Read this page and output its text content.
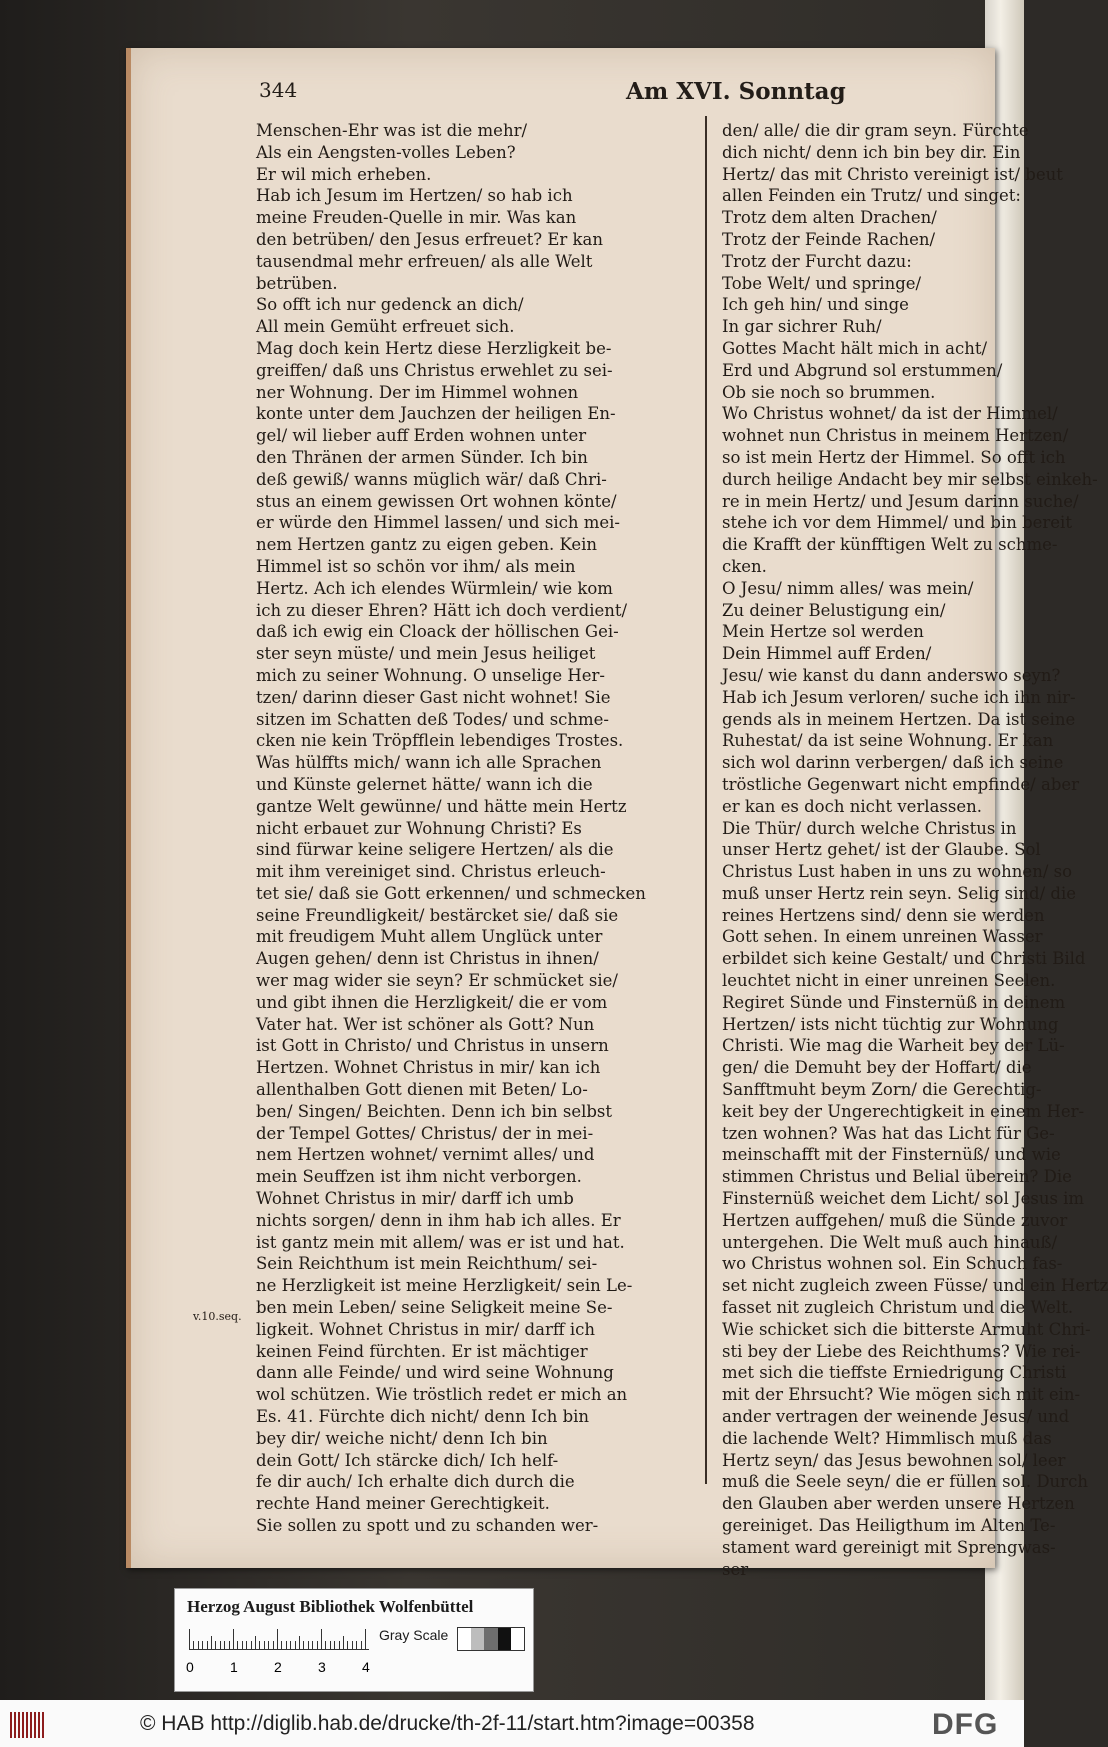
344	Am XVI. Sonntag

Menschen-Ehr was ist die mehr/

Als ein Aengsten-volles Leben?

Er wil mich erheben.

Hab ich Jesum im Hertzen/ so hab ich

meine Freuden-Quelle in mir. Was kan

den betrüben/ den Jesus erfreuet? Er kan

tausendmal mehr erfreuen/ als alle Welt

betrüben.

So offt ich nur gedenck an dich/

All mein Gemüht erfreuet sich.

Mag doch kein Hertz diese Herzligkeit be-

greiffen/ daß uns Christus erwehlet zu sei-

ner Wohnung. Der im Himmel wohnen

konte unter dem Jauchzen der heiligen En-

gel/ wil lieber auff Erden wohnen unter

den Thränen der armen Sünder. Ich bin

deß gewiß/ wanns müglich wär/ daß Chri-

stus an einem gewissen Ort wohnen könte/

er würde den Himmel lassen/ und sich mei-

nem Hertzen gantz zu eigen geben. Kein

Himmel ist so schön vor ihm/ als mein

Hertz. Ach ich elendes Würmlein/ wie kom

ich zu dieser Ehren? Hätt ich doch verdient/

daß ich ewig ein Cloack der höllischen Gei-

ster seyn müste/ und mein Jesus heiliget

mich zu seiner Wohnung. O unselige Her-

tzen/ darinn dieser Gast nicht wohnet! Sie

sitzen im Schatten deß Todes/ und schme-

cken nie kein Tröpfflein lebendiges Trostes.

Was hülffts mich/ wann ich alle Sprachen

und Künste gelernet hätte/ wann ich die

gantze Welt gewünne/ und hätte mein Hertz

nicht erbauet zur Wohnung Christi? Es

sind fürwar keine seligere Hertzen/ als die

mit ihm vereiniget sind. Christus erleuch-

tet sie/ daß sie Gott erkennen/ und schmecken

seine Freundligkeit/ bestärcket sie/ daß sie

mit freudigem Muht allem Unglück unter

Augen gehen/ denn ist Christus in ihnen/

wer mag wider sie seyn? Er schmücket sie/

und gibt ihnen die Herzligkeit/ die er vom

Vater hat. Wer ist schöner als Gott? Nun

ist Gott in Christo/ und Christus in unsern

Hertzen. Wohnet Christus in mir/ kan ich

allenthalben Gott dienen mit Beten/ Lo-

ben/ Singen/ Beichten. Denn ich bin selbst

der Tempel Gottes/ Christus/ der in mei-

nem Hertzen wohnet/ vernimt alles/ und

mein Seuffzen ist ihm nicht verborgen.

Wohnet Christus in mir/ darff ich umb

nichts sorgen/ denn in ihm hab ich alles. Er

ist gantz mein mit allem/ was er ist und hat.

Sein Reichthum ist mein Reichthum/ sei-

ne Herzligkeit ist meine Herzligkeit/ sein Le-

ben mein Leben/ seine Seligkeit meine Se-

ligkeit. Wohnet Christus in mir/ darff ich

keinen Feind fürchten. Er ist mächtiger

dann alle Feinde/ und wird seine Wohnung

wol schützen. Wie tröstlich redet er mich an

Es. 41. Fürchte dich nicht/ denn Ich bin

bey dir/ weiche nicht/ denn Ich bin

dein Gott/ Ich stärcke dich/ Ich helf-

fe dir auch/ Ich erhalte dich durch die

rechte Hand meiner Gerechtigkeit.

Sie sollen zu spott und zu schanden wer-

den/ alle/ die dir gram seyn. Fürchte

dich nicht/ denn ich bin bey dir. Ein

Hertz/ das mit Christo vereinigt ist/ beut

allen Feinden ein Trutz/ und singet:

Trotz dem alten Drachen/

Trotz der Feinde Rachen/

Trotz der Furcht dazu:

Tobe Welt/ und springe/

Ich geh hin/ und singe

In gar sichrer Ruh/

Gottes Macht hält mich in acht/

Erd und Abgrund sol erstummen/

Ob sie noch so brummen.

Wo Christus wohnet/ da ist der Himmel/

wohnet nun Christus in meinem Hertzen/

so ist mein Hertz der Himmel. So offt ich

durch heilige Andacht bey mir selbst einkeh-

re in mein Hertz/ und Jesum darinn suche/

stehe ich vor dem Himmel/ und bin bereit

die Krafft der künfftigen Welt zu schme-

cken.

O Jesu/ nimm alles/ was mein/

Zu deiner Belustigung ein/

Mein Hertze sol werden

Dein Himmel auff Erden/

Jesu/ wie kanst du dann anderswo seyn?

Hab ich Jesum verloren/ suche ich ihn nir-

gends als in meinem Hertzen. Da ist seine

Ruhestat/ da ist seine Wohnung. Er kan

sich wol darinn verbergen/ daß ich seine

tröstliche Gegenwart nicht empfinde/ aber

er kan es doch nicht verlassen.

Die Thür/ durch welche Christus in

unser Hertz gehet/ ist der Glaube. Sol

Christus Lust haben in uns zu wohnen/ so

muß unser Hertz rein seyn. Selig sind/ die

reines Hertzens sind/ denn sie werden

Gott sehen. In einem unreinen Wasser

erbildet sich keine Gestalt/ und Christi Bild

leuchtet nicht in einer unreinen Seelen.

Regiret Sünde und Finsternüß in deinem

Hertzen/ ists nicht tüchtig zur Wohnung

Christi. Wie mag die Warheit bey der Lü-

gen/ die Demuht bey der Hoffart/ die

Sanfftmuht beym Zorn/ die Gerechtig-

keit bey der Ungerechtigkeit in einem Her-

tzen wohnen? Was hat das Licht für Ge-

meinschafft mit der Finsternüß/ und wie

stimmen Christus und Belial überein? Die

Finsternüß weichet dem Licht/ sol Jesus im

Hertzen auffgehen/ muß die Sünde zuvor

untergehen. Die Welt muß auch hinauß/

wo Christus wohnen sol. Ein Schuch fas-

set nicht zugleich zween Füsse/ und ein Hertz

fasset nit zugleich Christum und die Welt.

Wie schicket sich die bitterste Armuht Chri-

sti bey der Liebe des Reichthums? Wie rei-

met sich die tieffste Erniedrigung Christi

mit der Ehrsucht? Wie mögen sich mit ein-

ander vertragen der weinende Jesus/ und

die lachende Welt? Himmlisch muß das

Hertz seyn/ das Jesus bewohnen sol/ leer

muß die Seele seyn/ die er füllen sol. Durch

den Glauben aber werden unsere Hertzen

gereiniget. Das Heiligthum im Alten Te-

stament ward gereinigt mit Sprengwas-

ser

v.10.seq.
Herzog August Bibliothek Wolfenbüttel
0	1	2	3	4
Gray Scale
© HAB http://diglib.hab.de/drucke/th-2f-11/start.htm?image=00358	DFG
